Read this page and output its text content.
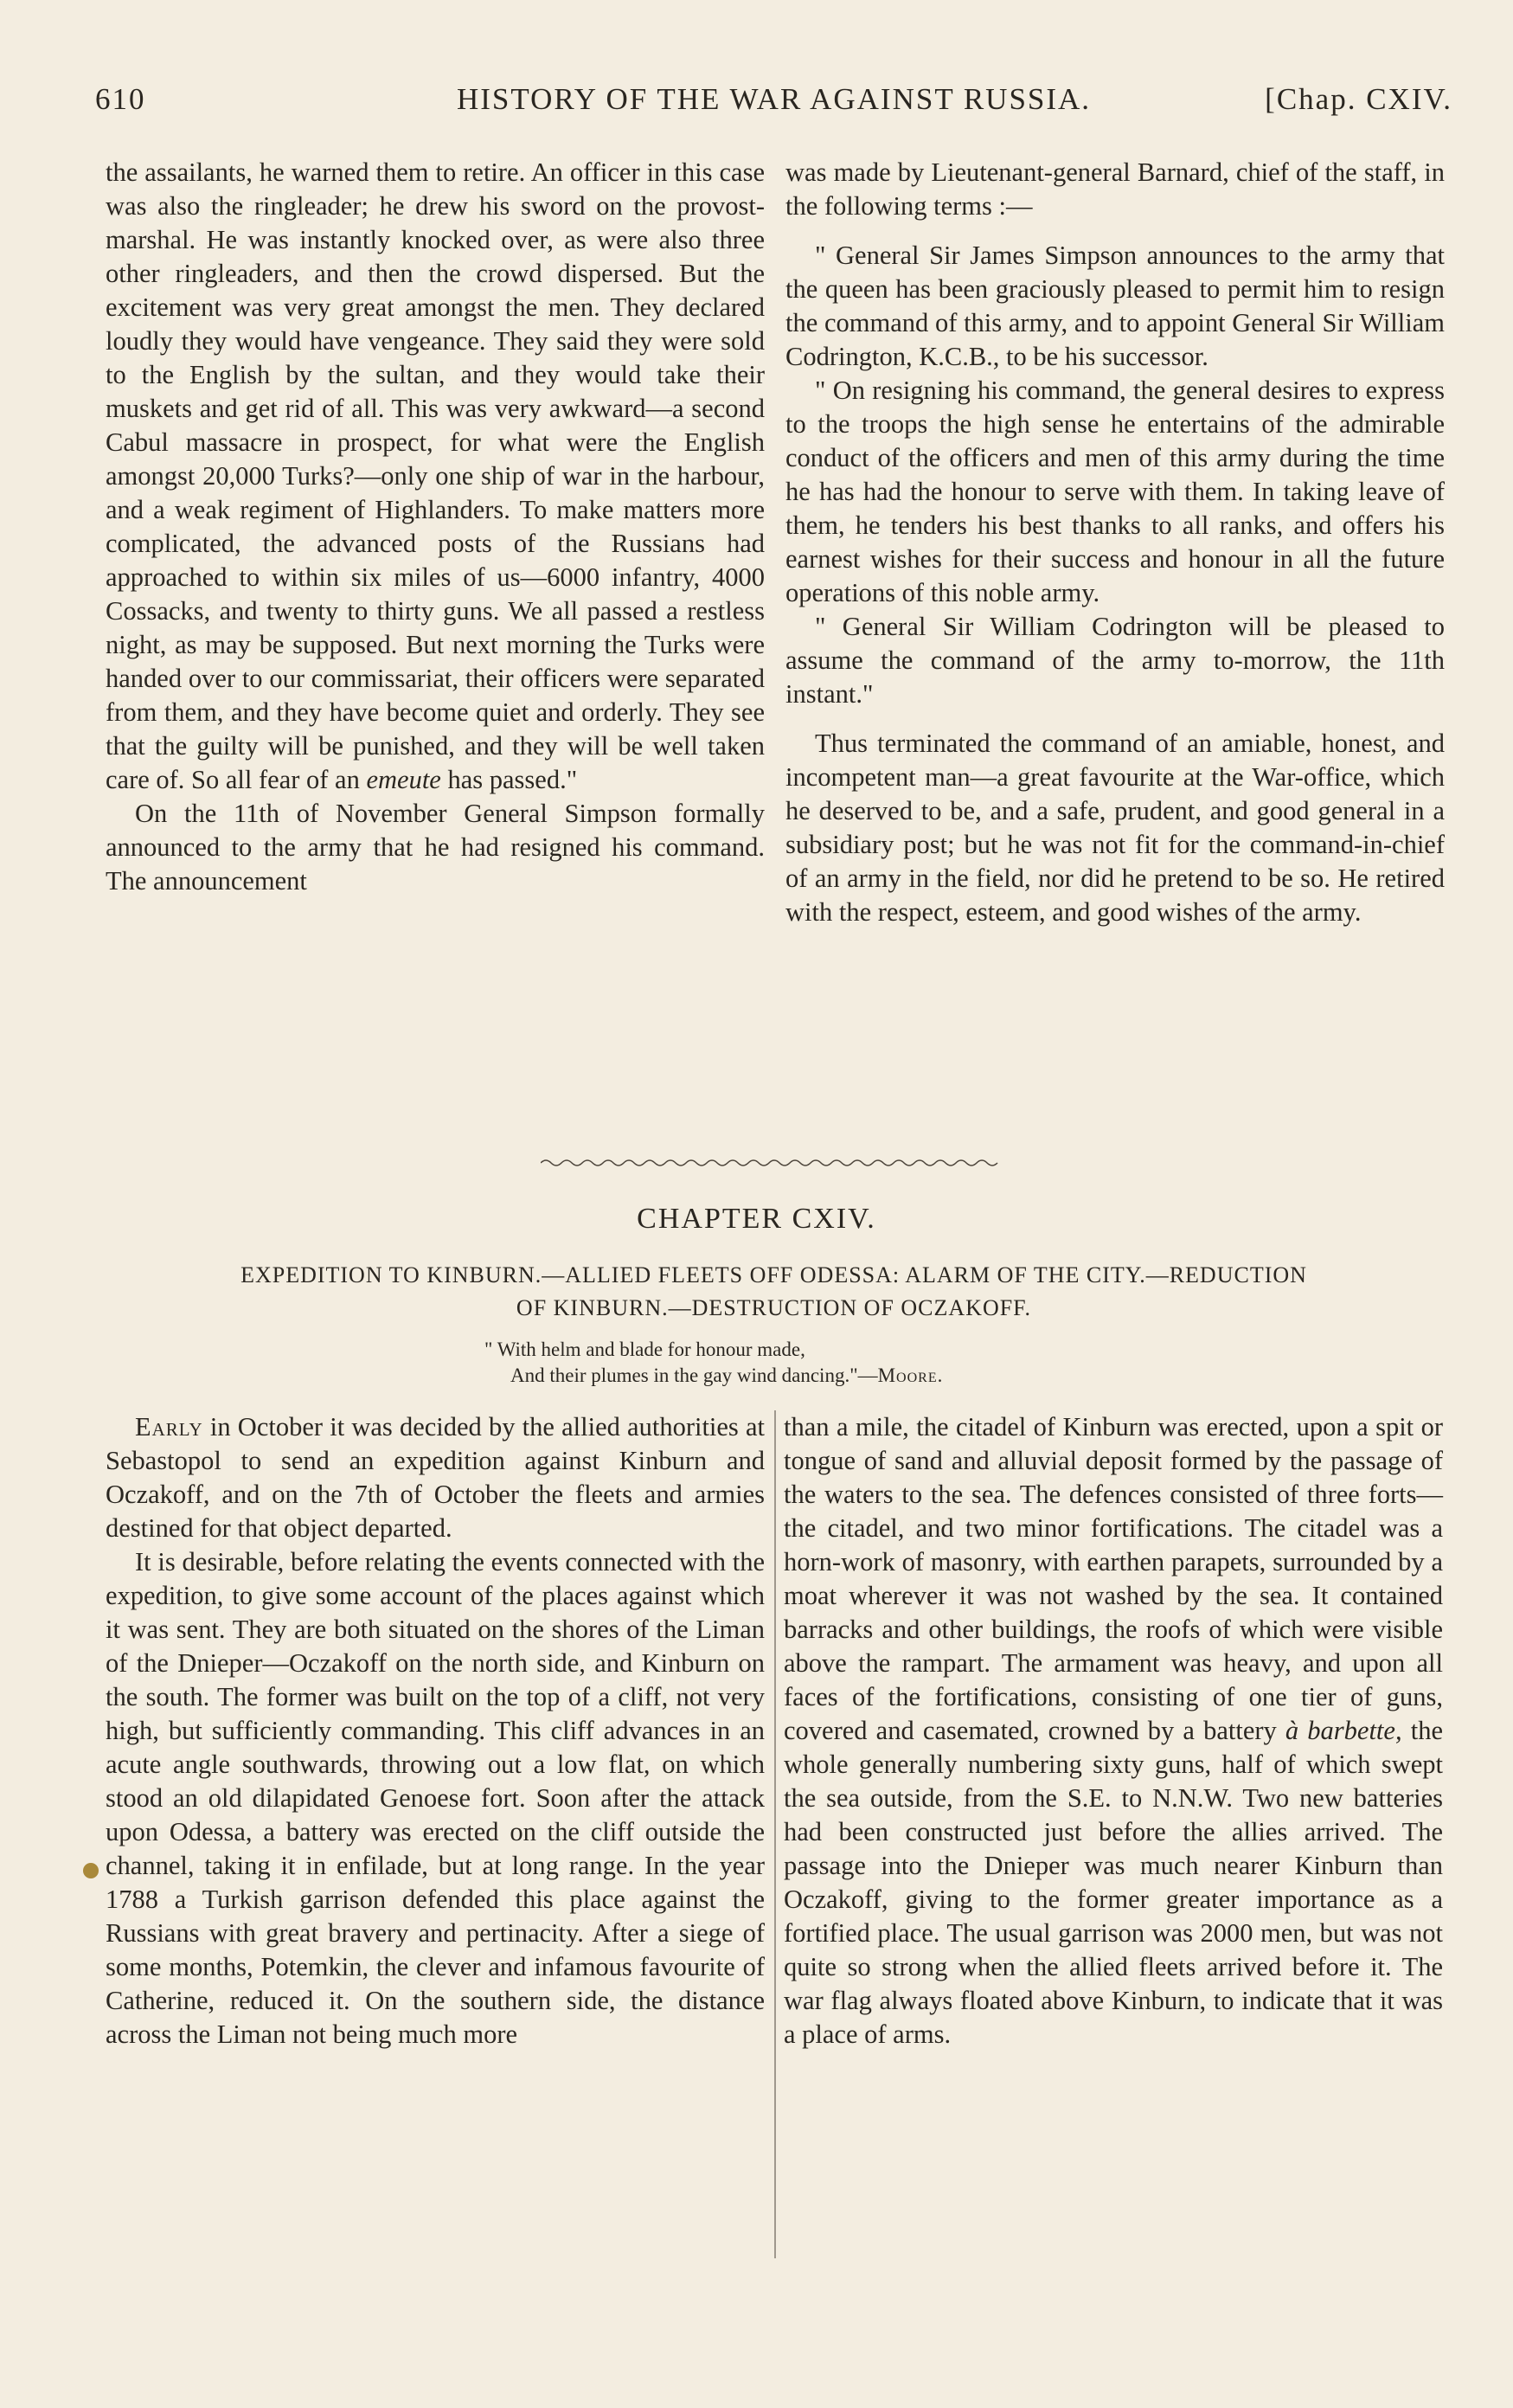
610	HISTORY OF THE WAR AGAINST RUSSIA.	[Chap. CXIV.

the assailants, he warned them to retire. An officer in this case was also the ringleader; he drew his sword on the provost-marshal. He was instantly knocked over, as were also three other ringleaders, and then the crowd dispersed. But the excitement was very great amongst the men. They declared loudly they would have vengeance. They said they were sold to the English by the sultan, and they would take their muskets and get rid of all. This was very awkward—a second Cabul massacre in prospect, for what were the English amongst 20,000 Turks?—only one ship of war in the harbour, and a weak regiment of Highlanders. To make matters more complicated, the advanced posts of the Russians had approached to within six miles of us—6000 infantry, 4000 Cossacks, and twenty to thirty guns. We all passed a restless night, as may be supposed. But next morning the Turks were handed over to our commissariat, their officers were separated from them, and they have become quiet and orderly. They see that the guilty will be punished, and they will be well taken care of. So all fear of an emeute has passed."

On the 11th of November General Simpson formally announced to the army that he had resigned his command. The announcement

was made by Lieutenant-general Barnard, chief of the staff, in the following terms :—

" General Sir James Simpson announces to the army that the queen has been graciously pleased to permit him to resign the command of this army, and to appoint General Sir William Codrington, K.C.B., to be his successor.

" On resigning his command, the general desires to express to the troops the high sense he entertains of the admirable conduct of the officers and men of this army during the time he has had the honour to serve with them. In taking leave of them, he tenders his best thanks to all ranks, and offers his earnest wishes for their success and honour in all the future operations of this noble army.

" General Sir William Codrington will be pleased to assume the command of the army to-morrow, the 11th instant."

Thus terminated the command of an amiable, honest, and incompetent man—a great favourite at the War-office, which he deserved to be, and a safe, prudent, and good general in a subsidiary post; but he was not fit for the command-in-chief of an army in the field, nor did he pretend to be so. He retired with the respect, esteem, and good wishes of the army.

CHAPTER CXIV.
EXPEDITION TO KINBURN.—ALLIED FLEETS OFF ODESSA: ALARM OF THE CITY.—REDUCTION
OF KINBURN.—DESTRUCTION OF OCZAKOFF.
" With helm and blade for honour made,
And their plumes in the gay wind dancing."—Moore.

Early in October it was decided by the allied authorities at Sebastopol to send an expedition against Kinburn and Oczakoff, and on the 7th of October the fleets and armies destined for that object departed.

It is desirable, before relating the events connected with the expedition, to give some account of the places against which it was sent. They are both situated on the shores of the Liman of the Dnieper—Oczakoff on the north side, and Kinburn on the south. The former was built on the top of a cliff, not very high, but sufficiently commanding. This cliff advances in an acute angle southwards, throwing out a low flat, on which stood an old dilapidated Genoese fort. Soon after the attack upon Odessa, a battery was erected on the cliff outside the channel, taking it in enfilade, but at long range. In the year 1788 a Turkish garrison defended this place against the Russians with great bravery and pertinacity. After a siege of some months, Potemkin, the clever and infamous favourite of Catherine, reduced it. On the southern side, the distance across the Liman not being much more

than a mile, the citadel of Kinburn was erected, upon a spit or tongue of sand and alluvial deposit formed by the passage of the waters to the sea. The defences consisted of three forts—the citadel, and two minor fortifications. The citadel was a horn-work of masonry, with earthen parapets, surrounded by a moat wherever it was not washed by the sea. It contained barracks and other buildings, the roofs of which were visible above the rampart. The armament was heavy, and upon all faces of the fortifications, consisting of one tier of guns, covered and casemated, crowned by a battery à barbette, the whole generally numbering sixty guns, half of which swept the sea outside, from the S.E. to N.N.W. Two new batteries had been constructed just before the allies arrived. The passage into the Dnieper was much nearer Kinburn than Oczakoff, giving to the former greater importance as a fortified place. The usual garrison was 2000 men, but was not quite so strong when the allied fleets arrived before it. The war flag always floated above Kinburn, to indicate that it was a place of arms.
